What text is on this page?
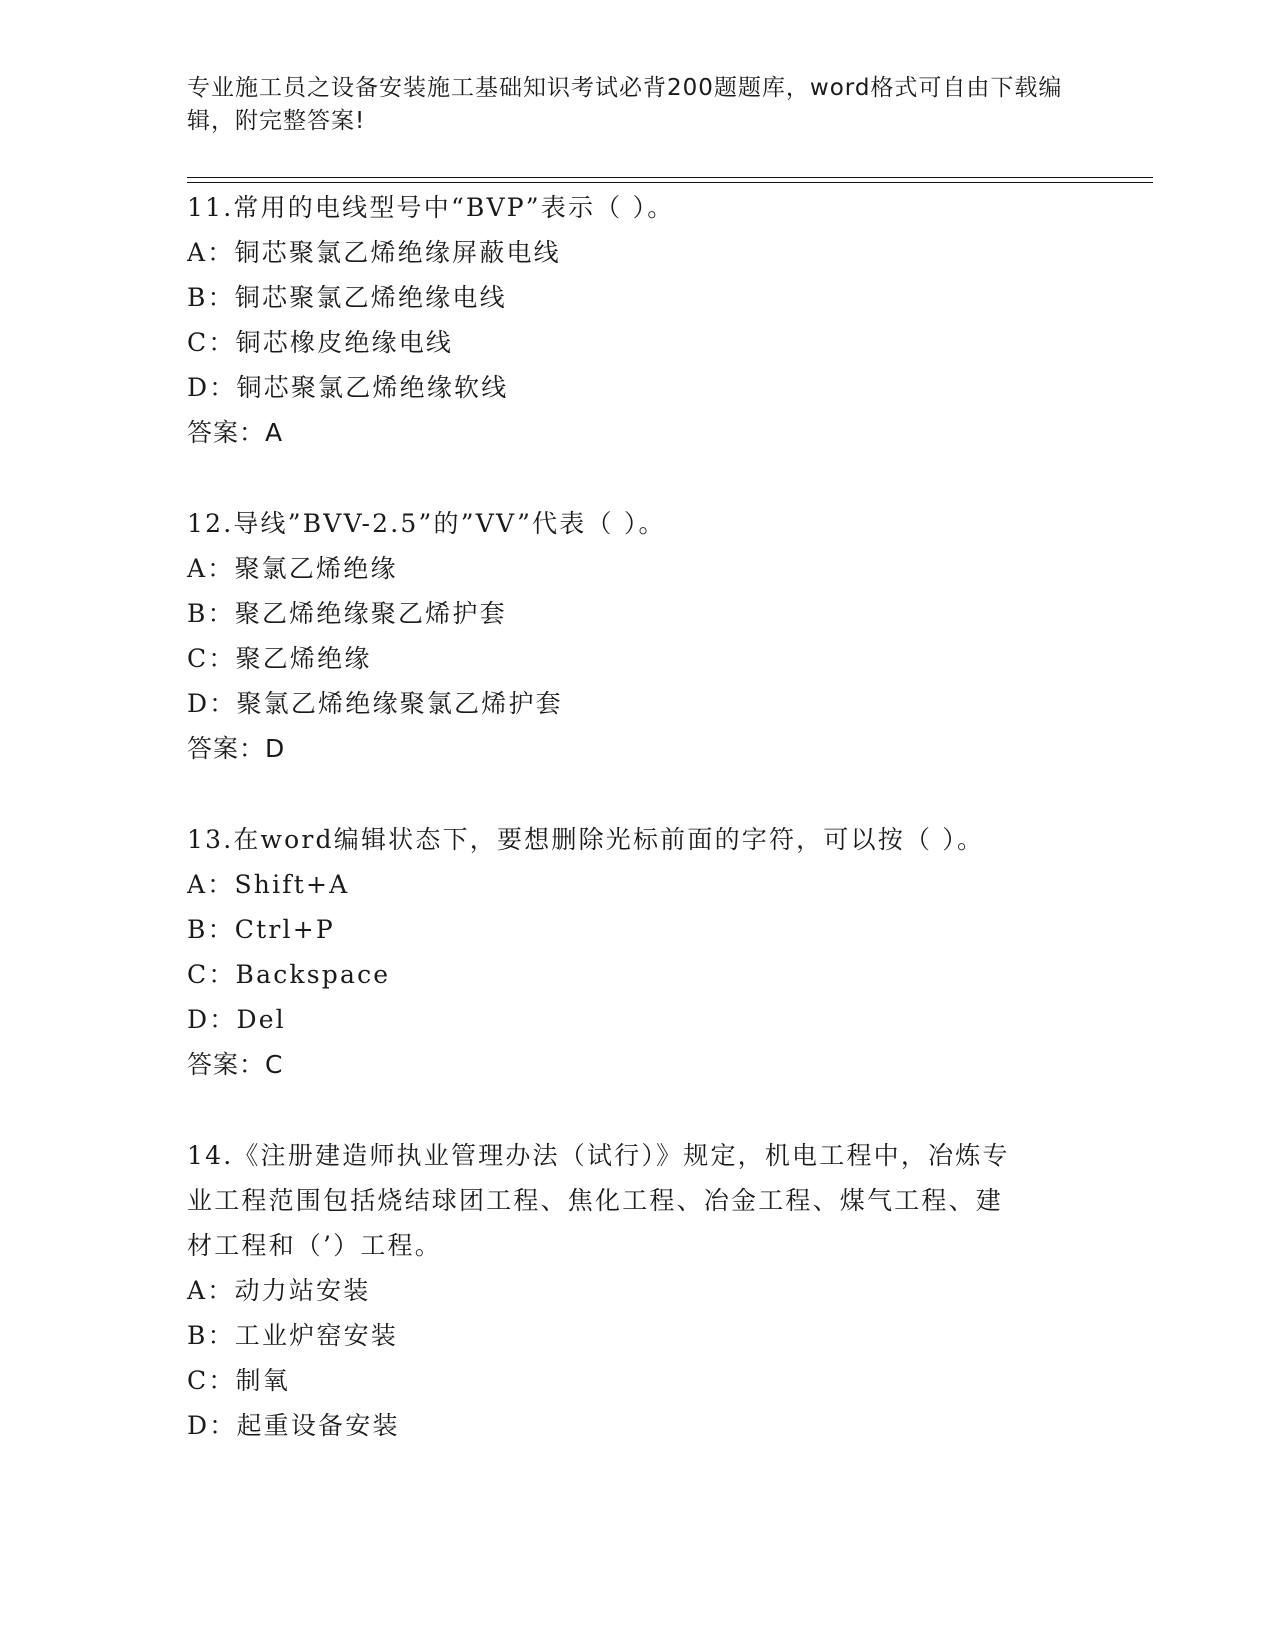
专业施工员之设备安装施工基础知识考试必背200题题库，word格式可自由下载编辑，附完整答案!
11.常用的电线型号中“BVP”表示（ ）。
A：铜芯聚氯乙烯绝缘屏蔽电线
B：铜芯聚氯乙烯绝缘电线
C：铜芯橡皮绝缘电线
D：铜芯聚氯乙烯绝缘软线
答案：A
12.导线”BVV-2.5”的”VV”代表（ ）。
A：聚氯乙烯绝缘
B：聚乙烯绝缘聚乙烯护套
C：聚乙烯绝缘
D：聚氯乙烯绝缘聚氯乙烯护套
答案：D
13.在word编辑状态下，要想删除光标前面的字符，可以按（ ）。
A：Shift+A
B：Ctrl+P
C：Backspace
D：Del
答案：C
14.《注册建造师执业管理办法（试行）》规定，机电工程中，冶炼专
业工程范围包括烧结球团工程、焦化工程、冶金工程、煤气工程、建
材工程和（’）工程。
A：动力站安装
B：工业炉窑安装
C：制氧
D：起重设备安装
